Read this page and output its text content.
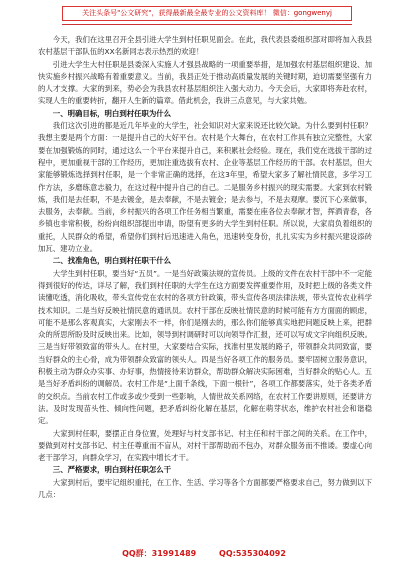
关注头条号"公文研究"，获得最新最全最专业的公文资料库！ 微信：gongwenyj

今天，我们在这里召开全县引进大学生到村任职见面会。在此，我代表县委组织部对即将加入我县农村基层干部队伍的XX名新同志表示热烈的欢迎！

引进大学生大村任职是县委深入实施人才强县战略的一项重要举措，是加强农村基层组织建设、加快实施乡村振兴战略有着重要意义。当前，我县正处于推动高质量发展的关键时期，迫切需要坚强有力的人才支撑。大家的到来，势必会为我县农村基层组织注入强大动力。今天会后，大家即将奔赴农村，实现人生的重要转折，翻开人生新的篇章。借此机会，我讲三点意见，与大家共勉。

一、明确目标，明白到村任职为什么

我们这次引进的都是近几年毕业的大学生，社会知识对大家来说还比较欠缺。为什么要到村任职？我想主要是两个方面：一是提升自己的大好平台。农村是个大舞台，在农村工作具有独立完整性，大家要在加强锻炼的同时，通过这么一个平台来提升自己，来积累社会经验。现在，我们党在选拔干部的过程中，更加重视干部的工作经历，更加注重选拔有农村、企业等基层工作经历的干部。农村基层，但大家能够锻炼选择到村任职，是一个非常正确的选择，在这3年里，希望大家多了解社情民意，多学习工作方法，多磨练意志毅力，在这过程中提升自己的自己。二是服务乡村振兴的现实需要。大家到农村锻炼，我们是去任职，不是去镀金，是去奉献，不是去镀金；是去参与，不是去观摩。要沉下心来做事，去服务，去奉献。当前，乡村振兴的各项工作任务相当繁重，需要在座各位去奉献才智，挥洒青春，各乡镇也非常积极，纷纷向组织部提出申请，盼望有更多的大学生到村任职。所以说，大家肩负着组织的重托，人民群众的希望，希望你们到村后迅速进入角色，迅速转变身份，扎扎实实为乡村振兴建设添砖加瓦、建功立业。

二、找准角色，明白到村任职干什么

大学生到村任职，要当好“五员”。一是当好政策法规的宣传员。上级的文件在农村干部中不一定能得到很好的传达，详尽了解，我们到村任职的大学生在这方面要发挥重要作用，及时把上级的各类文件读懂吃透，消化吸收，带头宣传党在农村的各项方针政策，带头宣传各项法律法规，带头宣传农业科学技术知识。二是当好反映社情民意的通讯员。农村干部在反映社情民意的时候可能有方方面面的顾虑，可能不是那么客观真实，大家刚去不一样，你们是刚去的，那么你们能够真实地把问题反映上来，把群众的所思所盼及时反映出来。比如，领导到村调研时可以向领导作汇报，还可以写成文字向组织反映。三是当好带领致富的带头人。在村里，大家要结合实际，找准村里发展的路子，带领群众共同致富，要当好群众的主心骨，成为带领群众致富的领头人。四是当好各项工作的服务员。要牢固树立服务意识，积极主动为群众办实事、办好事，热情接待来访群众，帮助群众解决实际困难，当好群众的贴心人。五是当好矛盾纠纷的调解员。农村工作是“上面千条线，下面一根针”，各项工作都要落实，处于各类矛盾的交织点。当前农村工作或多或少受到一些影响，人情世故关系网络，在农村工作要讲原则，还要讲方法。及时发现苗头性、倾向性问题，把矛盾纠纷化解在基层，化解在萌芽状态，维护农村社会和谐稳定。

大家到村任职，要摆正自身位置，处理好与村支部书记、村主任和村干部之间的关系。在工作中，要做到对村支部书记、村主任尊重而不盲从，对村干部帮助而不包办，对群众服务而不推诿。要虚心向老干部学习，向群众学习，在实践中增长才干。

三、严格要求，明白到村任职怎么干

大家到村后，要牢记组织重托，在工作、生活、学习等各个方面都要严格要求自己，努力做到以下几点：

QQ群：31991489	QQ:535304092
